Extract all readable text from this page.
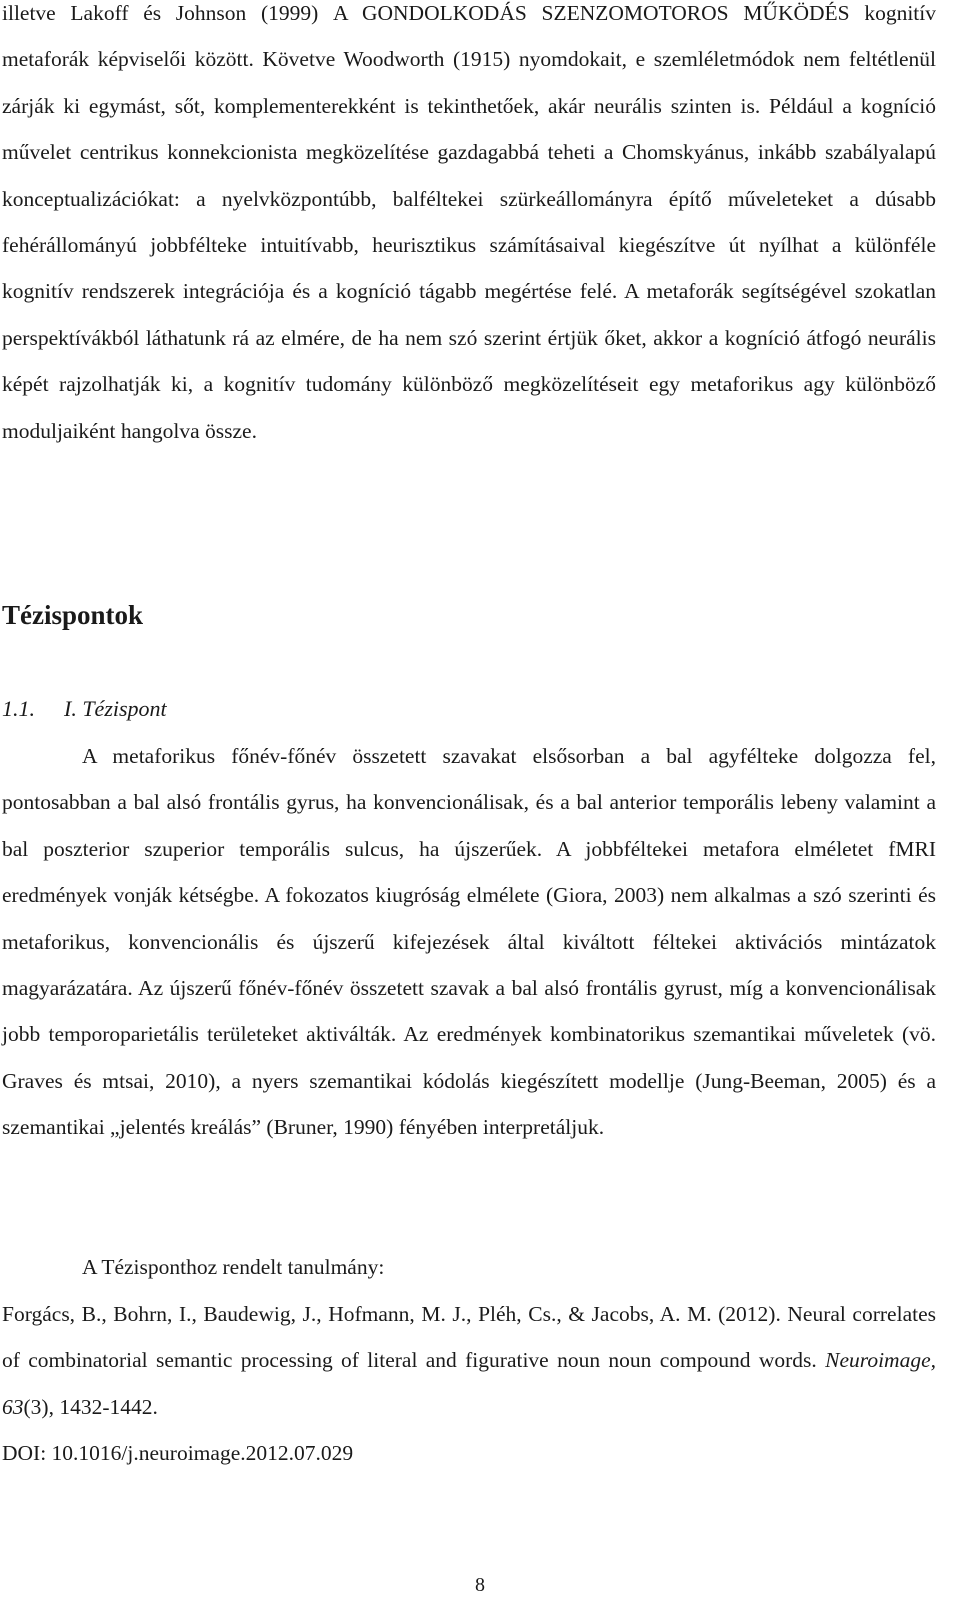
illetve Lakoff és Johnson (1999) A GONDOLKODÁS SZENZOMOTOROS MŰKÖDÉS kognitív metaforák képviselői között. Követve Woodworth (1915) nyomdokait, e szemléletmódok nem feltétlenül zárják ki egymást, sőt, komplementerekként is tekinthetőek, akár neurális szinten is. Például a kogníció művelet centrikus konnekcionista megközelítése gazdagabbá teheti a Chomskyánus, inkább szabályalapú konceptualizációkat: a nyelvközpontúbb, balféltekei szürkeállományra építő műveleteket a dúsabb fehérállományú jobbfélteke intuitívabb, heurisztikus számításaival kiegészítve út nyílhat a különféle kognitív rendszerek integrációja és a kogníció tágabb megértése felé. A metaforák segítségével szokatlan perspektívákból láthatunk rá az elmére, de ha nem szó szerint értjük őket, akkor a kogníció átfogó neurális képét rajzolhatják ki, a kognitív tudomány különböző megközelítéseit egy metaforikus agy különböző moduljaiként hangolva össze.

Tézispontok
1.1. I. Tézispont

A metaforikus főnév-főnév összetett szavakat elsősorban a bal agyfélteke dolgozza fel, pontosabban a bal alsó frontális gyrus, ha konvencionálisak, és a bal anterior temporális lebeny valamint a bal poszterior szuperior temporális sulcus, ha újszerűek. A jobbféltekei metafora elméletet fMRI eredmények vonják kétségbe. A fokozatos kiugróság elmélete (Giora, 2003) nem alkalmas a szó szerinti és metaforikus, konvencionális és újszerű kifejezések által kiváltott féltekei aktivációs mintázatok magyarázatára. Az újszerű főnév-főnév összetett szavak a bal alsó frontális gyrust, míg a konvencionálisak jobb temporoparietális területeket aktiválták. Az eredmények kombinatorikus szemantikai műveletek (vö. Graves és mtsai, 2010), a nyers szemantikai kódolás kiegészített modellje (Jung-Beeman, 2005) és a szemantikai „jelentés kreálás” (Bruner, 1990) fényében interpretáljuk.

A Tézisponthoz rendelt tanulmány:

Forgács, B., Bohrn, I., Baudewig, J., Hofmann, M. J., Pléh, Cs., & Jacobs, A. M. (2012). Neural correlates of combinatorial semantic processing of literal and figurative noun noun compound words. Neuroimage, 63(3), 1432-1442.

DOI: 10.1016/j.neuroimage.2012.07.029

8
